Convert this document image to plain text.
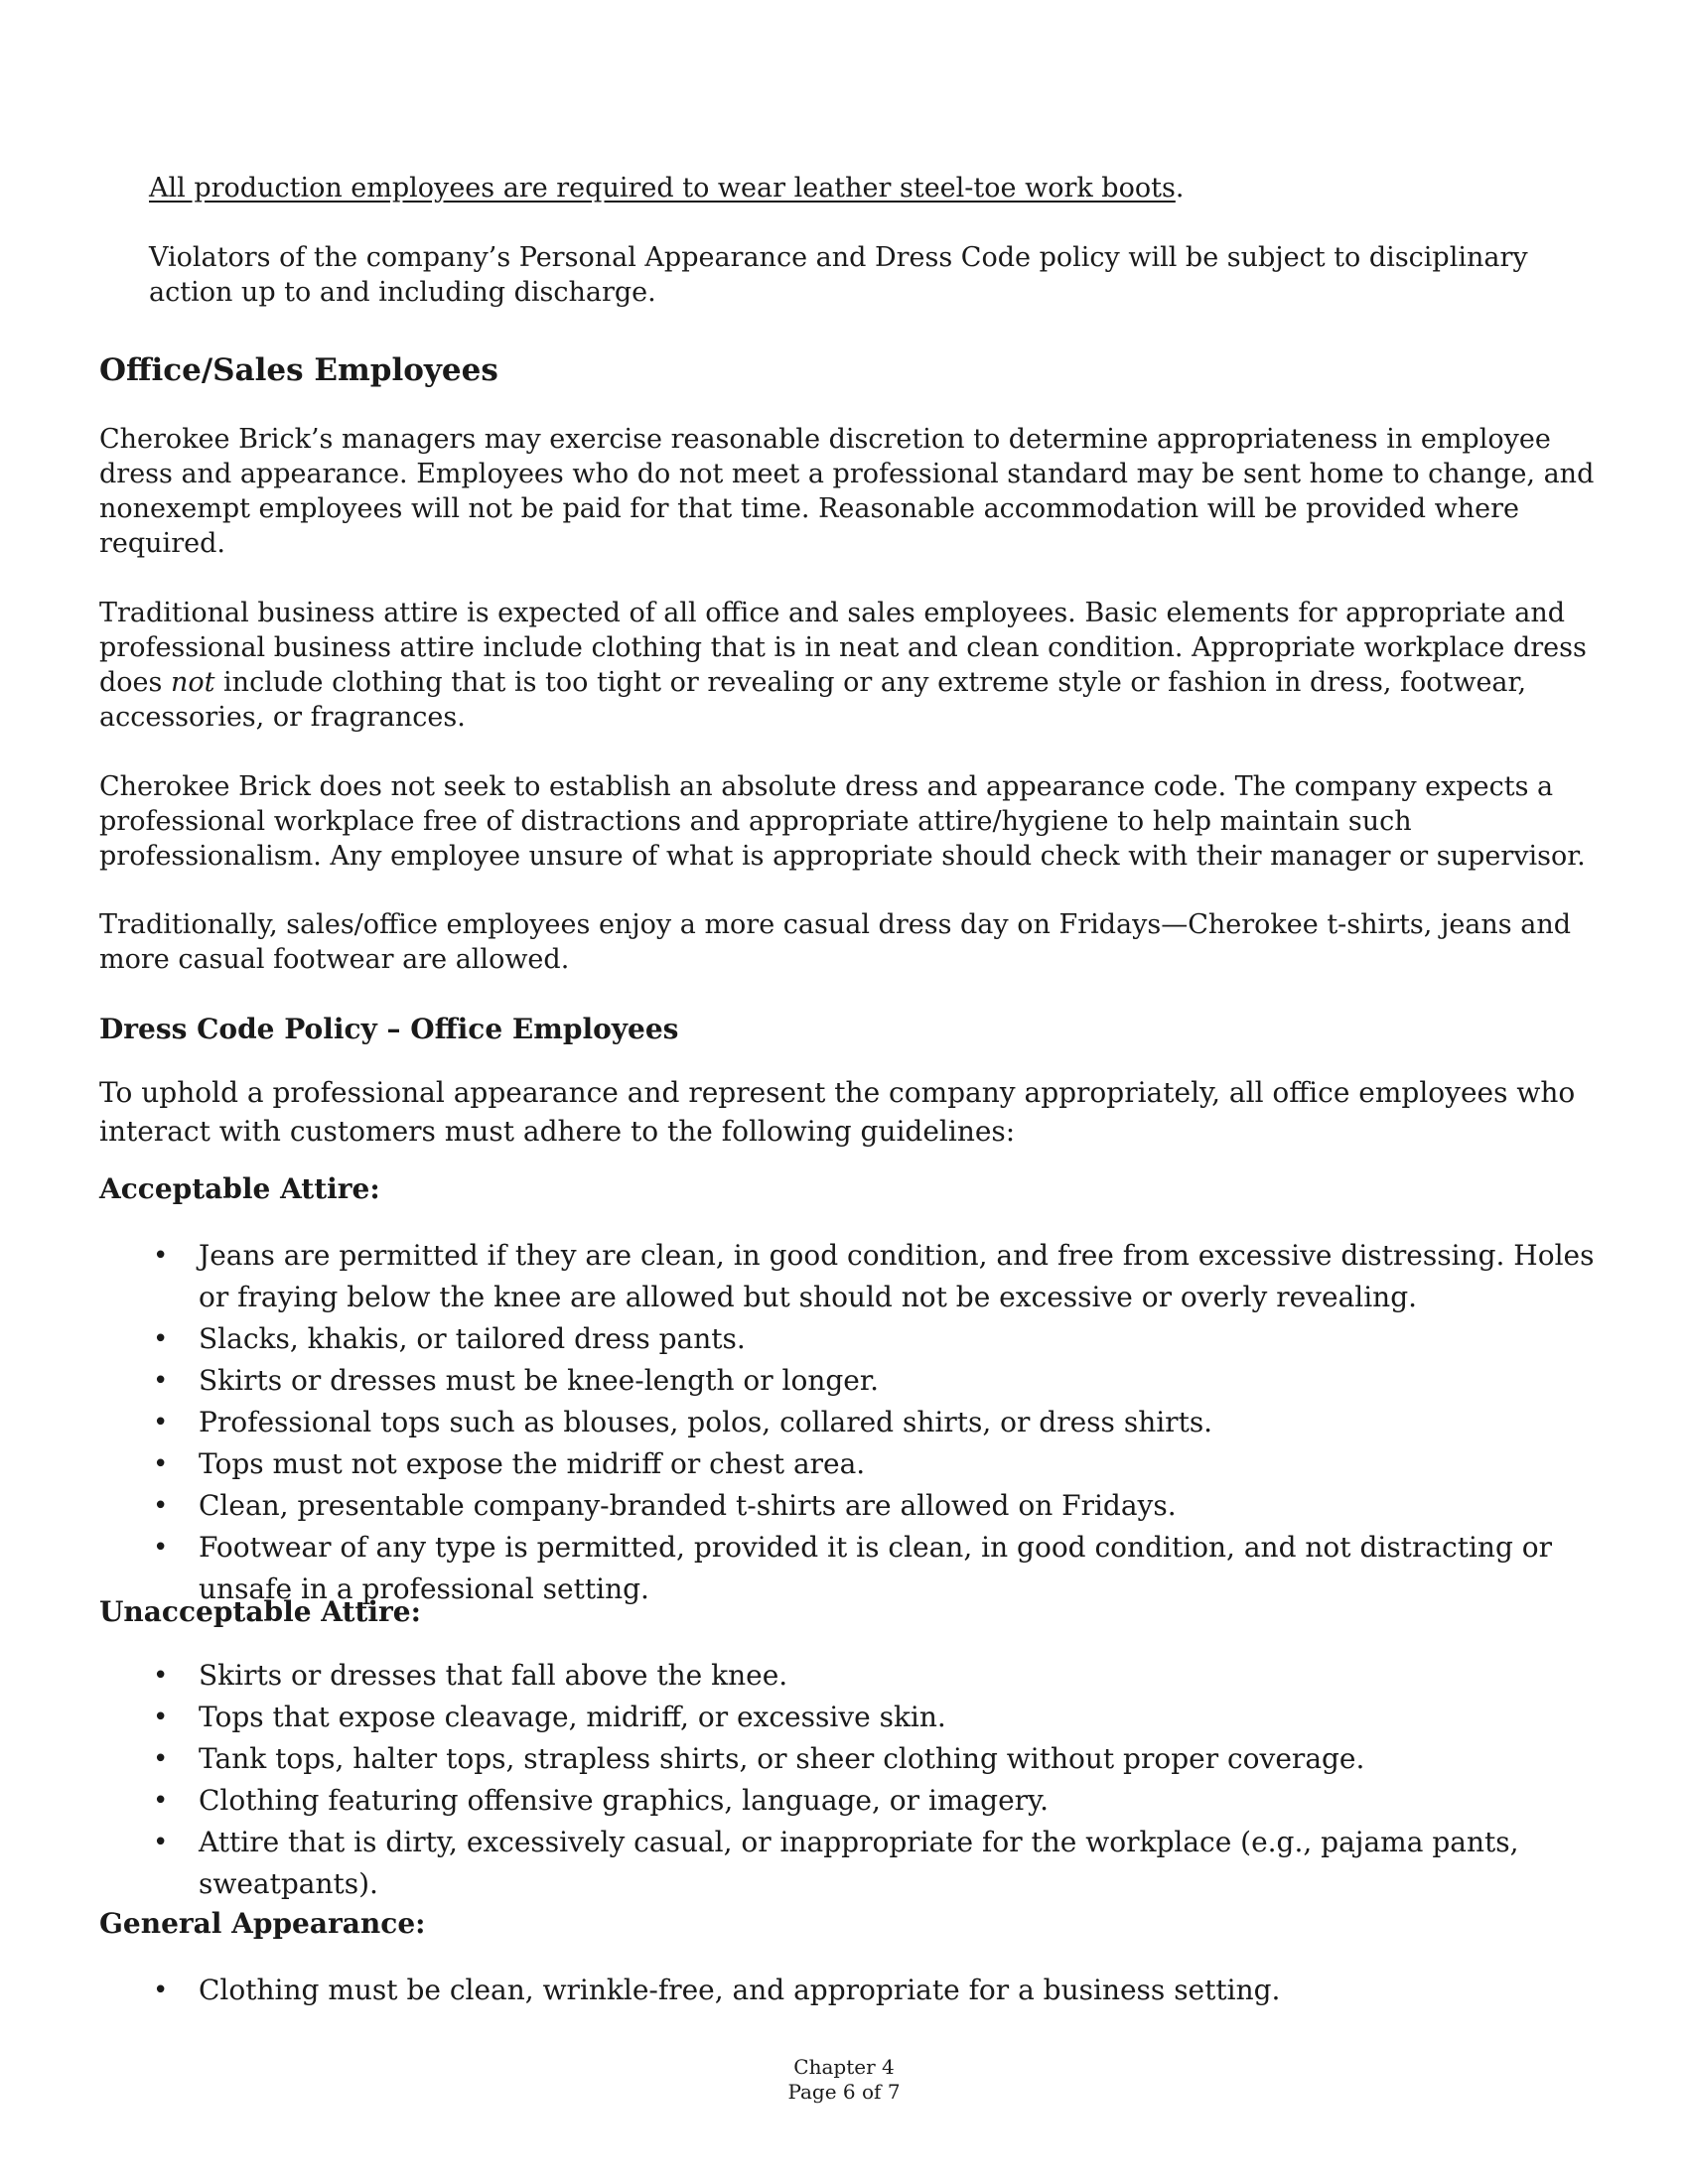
All production employees are required to wear leather steel-toe work boots.

Violators of the company’s Personal Appearance and Dress Code policy will be subject to disciplinary action up to and including discharge.

Office/Sales Employees

Cherokee Brick’s managers may exercise reasonable discretion to determine appropriateness in employee dress and appearance. Employees who do not meet a professional standard may be sent home to change, and nonexempt employees will not be paid for that time. Reasonable accommodation will be provided where required.

Traditional business attire is expected of all office and sales employees. Basic elements for appropriate and professional business attire include clothing that is in neat and clean condition. Appropriate workplace dress does not include clothing that is too tight or revealing or any extreme style or fashion in dress, footwear, accessories, or fragrances.

Cherokee Brick does not seek to establish an absolute dress and appearance code. The company expects a professional workplace free of distractions and appropriate attire/hygiene to help maintain such professionalism. Any employee unsure of what is appropriate should check with their manager or supervisor.

Traditionally, sales/office employees enjoy a more casual dress day on Fridays—Cherokee t-shirts, jeans and more casual footwear are allowed.

Dress Code Policy – Office Employees

To uphold a professional appearance and represent the company appropriately, all office employees who interact with customers must adhere to the following guidelines:

Acceptable Attire:
• Jeans are permitted if they are clean, in good condition, and free from excessive distressing. Holes or fraying below the knee are allowed but should not be excessive or overly revealing.
• Slacks, khakis, or tailored dress pants.
• Skirts or dresses must be knee-length or longer.
• Professional tops such as blouses, polos, collared shirts, or dress shirts.
• Tops must not expose the midriff or chest area.
• Clean, presentable company-branded t-shirts are allowed on Fridays.
• Footwear of any type is permitted, provided it is clean, in good condition, and not distracting or unsafe in a professional setting.
Unacceptable Attire:
• Skirts or dresses that fall above the knee.
• Tops that expose cleavage, midriff, or excessive skin.
• Tank tops, halter tops, strapless shirts, or sheer clothing without proper coverage.
• Clothing featuring offensive graphics, language, or imagery.
• Attire that is dirty, excessively casual, or inappropriate for the workplace (e.g., pajama pants, sweatpants).
General Appearance:
• Clothing must be clean, wrinkle-free, and appropriate for a business setting.

Chapter 4

Page 6 of 7
